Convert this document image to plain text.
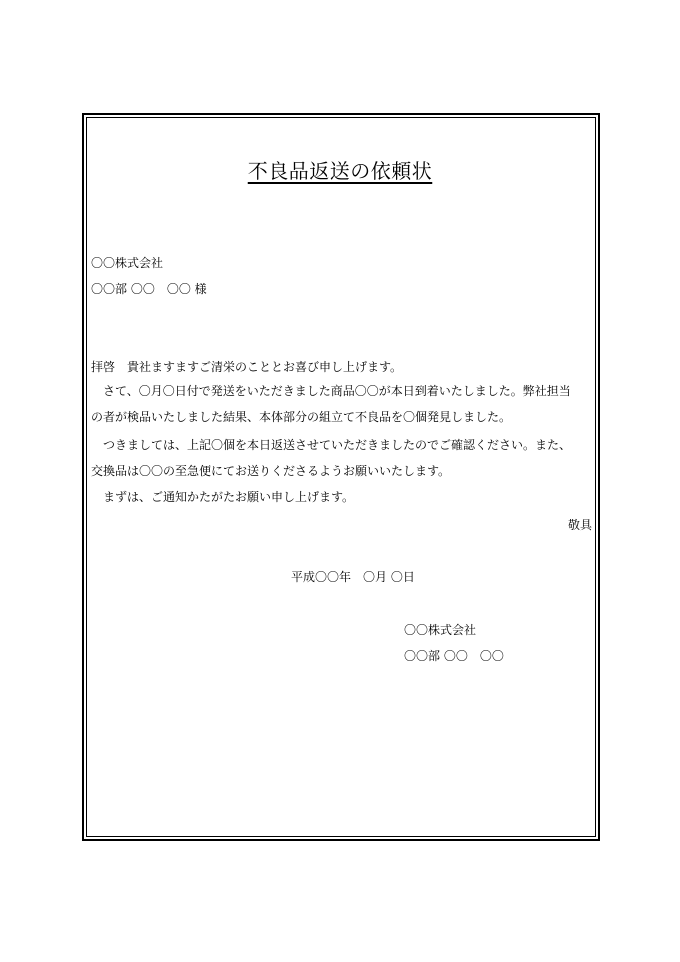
不良品返送の依頼状
〇〇株式会社
〇〇部 〇〇　〇〇 様
拝啓　貴社ますますご清栄のこととお喜び申し上げます。
さて、〇月〇日付で発送をいただきました商品〇〇が本日到着いたしました。弊社担当
の者が検品いたしました結果、本体部分の組立て不良品を〇個発見しました。
つきましては、上記〇個を本日返送させていただきましたのでご確認ください。また、
交換品は〇〇の至急便にてお送りくださるようお願いいたします。
まずは、ご通知かたがたお願い申し上げます。
敬具
平成〇〇年　〇月 〇日
〇〇株式会社
〇〇部 〇〇　〇〇
